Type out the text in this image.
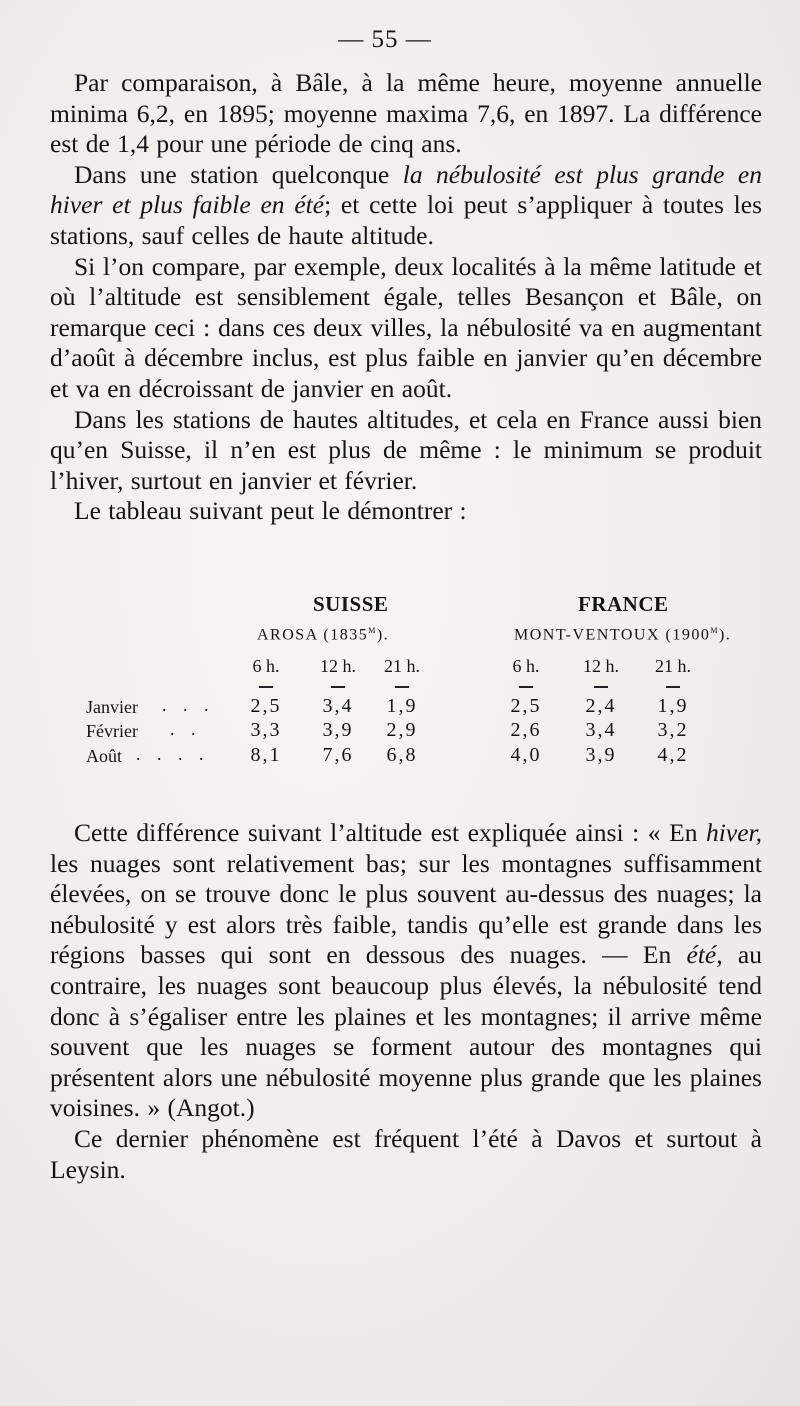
— 55 —

Par comparaison, à Bâle, à la même heure, moyenne annuelle minima 6,2, en 1895; moyenne maxima 7,6, en 1897. La différence est de 1,4 pour une période de cinq ans.

Dans une station quelconque la nébulosité est plus grande en hiver et plus faible en été; et cette loi peut s’appliquer à toutes les stations, sauf celles de haute altitude.

Si l’on compare, par exemple, deux localités à la même latitude et où l’altitude est sensiblement égale, telles Besançon et Bâle, on remarque ceci : dans ces deux villes, la nébulosité va en augmentant d’août à décembre inclus, est plus faible en janvier qu’en décembre et va en décroissant de janvier en août.

Dans les stations de hautes altitudes, et cela en France aussi bien qu’en Suisse, il n’en est plus de même : le minimum se produit l’hiver, surtout en janvier et février.

Le tableau suivant peut le démontrer :

SUISSE
AROSA (1835$^m$).
FRANCE
MONT-VENTOUX (1900$^m$).
6 h.	12 h.	21 h.	6 h.	12 h.	21 h.
Janvier . . .	2,5	3,4	1,9	2,5	2,4	1,9
Février . .	3,3	3,9	2,9	2,6	3,4	3,2
Août . . . .	8,1	7,6	6,8	4,0	3,9	4,2

Cette différence suivant l’altitude est expliquée ainsi : « En hiver, les nuages sont relativement bas; sur les montagnes suffisamment élevées, on se trouve donc le plus souvent au-dessus des nuages; la nébulosité y est alors très faible, tandis qu’elle est grande dans les régions basses qui sont en dessous des nuages. — En été, au contraire, les nuages sont beaucoup plus élevés, la nébulosité tend donc à s’égaliser entre les plaines et les montagnes; il arrive même souvent que les nuages se forment autour des montagnes qui présentent alors une nébulosité moyenne plus grande que les plaines voisines. » (Angot.)

Ce dernier phénomène est fréquent l’été à Davos et surtout à Leysin.
